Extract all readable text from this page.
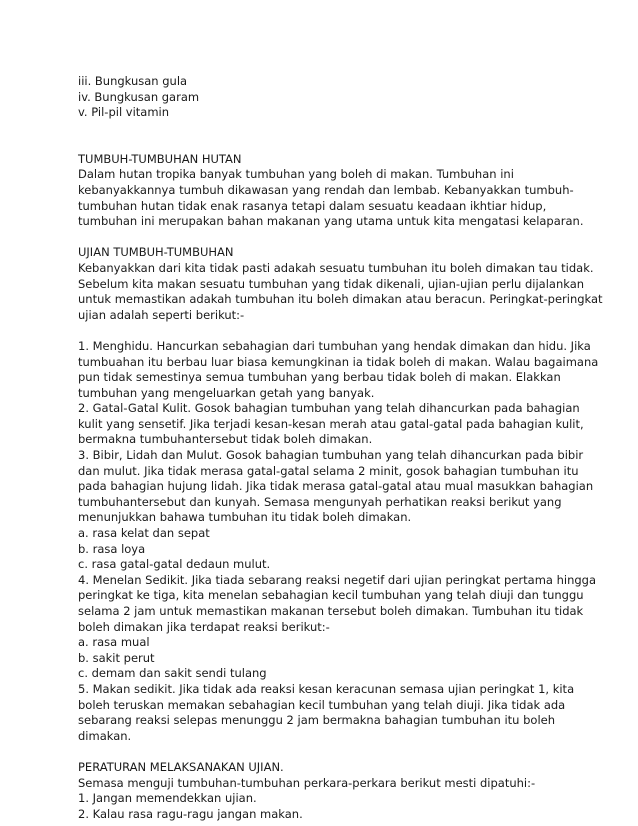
iii. Bungkusan gula
iv. Bungkusan garam
v. Pil-pil vitamin
TUMBUH-TUMBUHAN HUTAN
Dalam hutan tropika banyak tumbuhan yang boleh di makan. Tumbuhan ini
kebanyakkannya tumbuh dikawasan yang rendah dan lembab. Kebanyakkan tumbuh-
tumbuhan hutan tidak enak rasanya tetapi dalam sesuatu keadaan ikhtiar hidup,
tumbuhan ini merupakan bahan makanan yang utama untuk kita mengatasi kelaparan.
UJIAN TUMBUH-TUMBUHAN
Kebanyakkan dari kita tidak pasti adakah sesuatu tumbuhan itu boleh dimakan tau tidak.
Sebelum kita makan sesuatu tumbuhan yang tidak dikenali, ujian-ujian perlu dijalankan
untuk memastikan adakah tumbuhan itu boleh dimakan atau beracun. Peringkat-peringkat
ujian adalah seperti berikut:-

1. Menghidu. Hancurkan sebahagian dari tumbuhan yang hendak dimakan dan hidu. Jika
tumbuahan itu berbau luar biasa kemungkinan ia tidak boleh di makan. Walau bagaimana
pun tidak semestinya semua tumbuhan yang berbau tidak boleh di makan. Elakkan
tumbuhan yang mengeluarkan getah yang banyak.
2. Gatal-Gatal Kulit. Gosok bahagian tumbuhan yang telah dihancurkan pada bahagian
kulit yang sensetif. Jika terjadi kesan-kesan merah atau gatal-gatal pada bahagian kulit,
bermakna tumbuhantersebut tidak boleh dimakan.
3. Bibir, Lidah dan Mulut. Gosok bahagian tumbuhan yang telah dihancurkan pada bibir
dan mulut. Jika tidak merasa gatal-gatal selama 2 minit, gosok bahagian tumbuhan itu
pada bahagian hujung lidah. Jika tidak merasa gatal-gatal atau mual masukkan bahagian
tumbuhantersebut dan kunyah. Semasa mengunyah perhatikan reaksi berikut yang
menunjukkan bahawa tumbuhan itu tidak boleh dimakan.
a. rasa kelat dan sepat
b. rasa loya
c. rasa gatal-gatal dedaun mulut.
4. Menelan Sedikit. Jika tiada sebarang reaksi negetif dari ujian peringkat pertama hingga
peringkat ke tiga, kita menelan sebahagian kecil tumbuhan yang telah diuji dan tunggu
selama 2 jam untuk memastikan makanan tersebut boleh dimakan. Tumbuhan itu tidak
boleh dimakan jika terdapat reaksi berikut:-
a. rasa mual
b. sakit perut
c. demam dan sakit sendi tulang
5. Makan sedikit. Jika tidak ada reaksi kesan keracunan semasa ujian peringkat 1, kita
boleh teruskan memakan sebahagian kecil tumbuhan yang telah diuji. Jika tidak ada
sebarang reaksi selepas menunggu 2 jam bermakna bahagian tumbuhan itu boleh
dimakan.
PERATURAN MELAKSANAKAN UJIAN.
Semasa menguji tumbuhan-tumbuhan perkara-perkara berikut mesti dipatuhi:-
1. Jangan memendekkan ujian.
2. Kalau rasa ragu-ragu jangan makan.
